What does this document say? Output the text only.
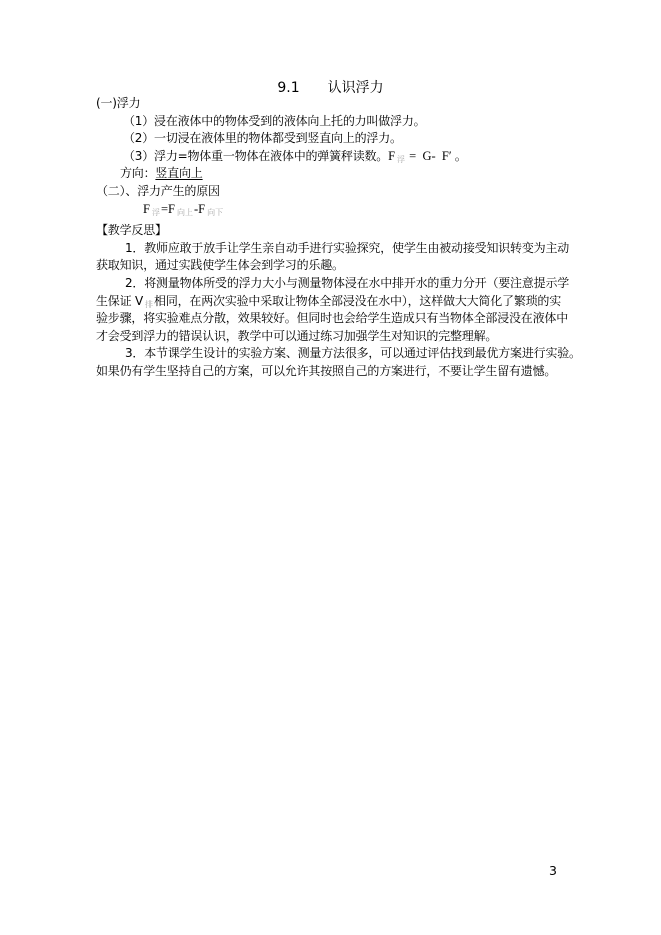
9.1　　认识浮力
(一)浮力
（1）浸在液体中的物体受到的液体向上托的力叫做浮力。
（2）一切浸在液体里的物体都受到竖直向上的浮力。
（3）浮力=物体重一物体在液体中的弹簧秤读数。F 浮 =  G-  F′ 。
方向：竖直向上
（二）、浮力产生的原因
F浮=F 向上-F 向下
【教学反思】
1．教师应敢于放手让学生亲自动手进行实验探究，使学生由被动接受知识转变为主动
获取知识，通过实践使学生体会到学习的乐趣。
2．将测量物体所受的浮力大小与测量物体浸在水中排开水的重力分开（要注意提示学
生保证 V 排相同，在两次实验中采取让物体全部浸没在水中），这样做大大简化了繁琐的实
验步骤，将实验难点分散，效果较好。但同时也会给学生造成只有当物体全部浸没在液体中
才会受到浮力的错误认识，教学中可以通过练习加强学生对知识的完整理解。
3．本节课学生设计的实验方案、测量方法很多，可以通过评估找到最优方案进行实验。
如果仍有学生坚持自己的方案，可以允许其按照自己的方案进行，不要让学生留有遗憾。
3
